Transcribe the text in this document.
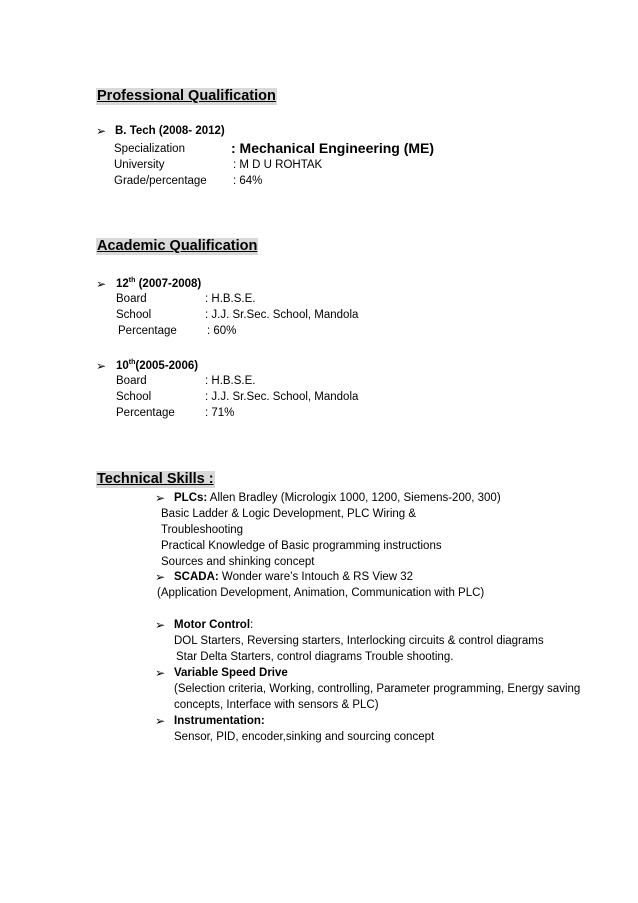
Professional Qualification
➢ B. Tech (2008- 2012)
Specialization	: Mechanical Engineering (ME)
University	: M D U ROHTAK
Grade/percentage : 64%
Academic Qualification
➢ 12th (2007-2008)
Board	: H.B.S.E.
School	: J.J. Sr.Sec. School, Mandola
Percentage	: 60%
➢ 10th(2005-2006)
Board	: H.B.S.E.
School	: J.J. Sr.Sec. School, Mandola
Percentage	: 71%
Technical Skills :
➢ PLCs: Allen Bradley (Micrologix 1000, 1200, Siemens-200, 300)
Basic Ladder & Logic Development, PLC Wiring &
Troubleshooting
Practical Knowledge of Basic programming instructions
Sources and shinking concept
➢ SCADA: Wonder ware’s Intouch & RS View 32
(Application Development, Animation, Communication with PLC)
➢ Motor Control:
DOL Starters, Reversing starters, Interlocking circuits & control diagrams
Star Delta Starters, control diagrams Trouble shooting.
➢ Variable Speed Drive
(Selection criteria, Working, controlling, Parameter programming, Energy saving
concepts, Interface with sensors & PLC)
➢ Instrumentation:
Sensor, PID, encoder,sinking and sourcing concept
